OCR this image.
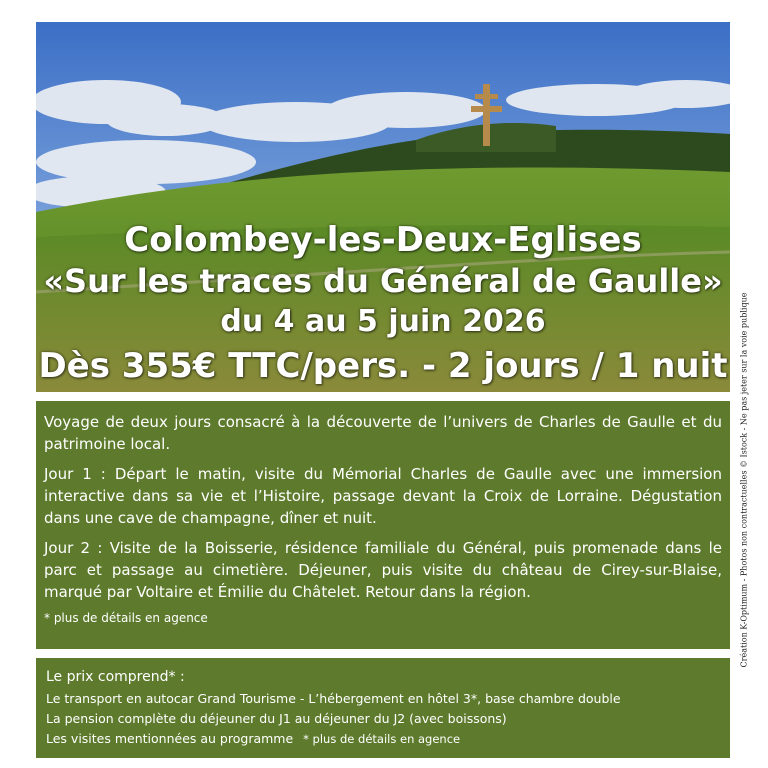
Colombey-les-Deux-Eglises
«Sur les traces du Général de Gaulle»
du 4 au 5 juin 2026
Dès 355€ TTC/pers. - 2 jours / 1 nuit

Voyage de deux jours consacré à la découverte de l’univers de Charles de Gaulle et du patrimoine local.

Jour 1 : Départ le matin, visite du Mémorial Charles de Gaulle avec une immersion interactive dans sa vie et l’Histoire, passage devant la Croix de Lorraine. Dégustation dans une cave de champagne, dîner et nuit.

Jour 2 : Visite de la Boisserie, résidence familiale du Général, puis promenade dans le parc et passage au cimetière. Déjeuner, puis visite du château de Cirey-sur-Blaise, marqué par Voltaire et Émilie du Châtelet. Retour dans la région.

* plus de détails en agence
Le prix comprend* :
Le transport en autocar Grand Tourisme - L’hébergement en hôtel 3*, base chambre double
La pension complète du déjeuner du J1 au déjeuner du J2 (avec boissons)
Les visites mentionnées au programme * plus de détails en agence
Création K-Optimum - Photos non contractuelles © Istock - Ne pas jeter sur la voie publique
